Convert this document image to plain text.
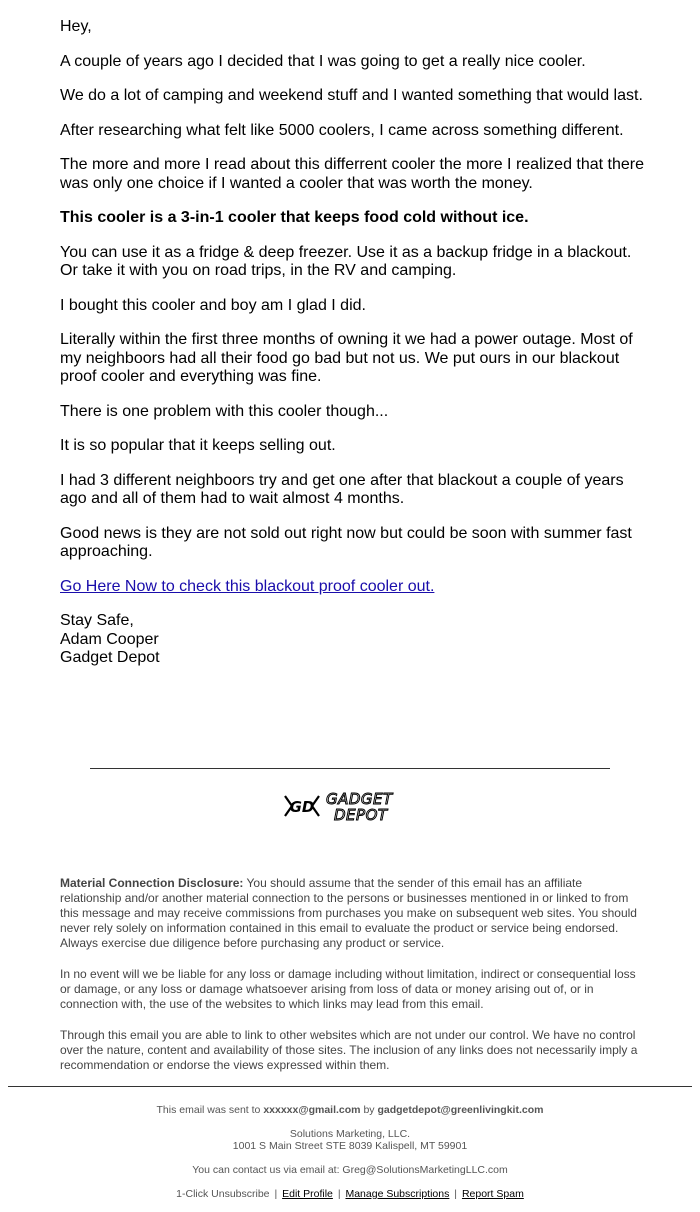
Hey,

A couple of years ago I decided that I was going to get a really nice cooler.

We do a lot of camping and weekend stuff and I wanted something that would last.

After researching what felt like 5000 coolers, I came across something different.

The more and more I read about this differrent cooler the more I realized that there was only one choice if I wanted a cooler that was worth the money.

This cooler is a 3-in-1 cooler that keeps food cold without ice.

You can use it as a fridge & deep freezer. Use it as a backup fridge in a blackout. Or take it with you on road trips, in the RV and camping.

I bought this cooler and boy am I glad I did.

Literally within the first three months of owning it we had a power outage. Most of my neighboors had all their food go bad but not us. We put ours in our blackout proof cooler and everything was fine.

There is one problem with this cooler though...

It is so popular that it keeps selling out.

I had 3 different neighboors try and get one after that blackout a couple of years ago and all of them had to wait almost 4 months.

Good news is they are not sold out right now but could be soon with summer fast approaching.

Go Here Now to check this blackout proof cooler out.

Stay Safe,
Adam Cooper
Gadget Depot

GD GADGET
DEPOT

Material Connection Disclosure: You should assume that the sender of this email has an affiliate relationship and/or another material connection to the persons or businesses mentioned in or linked to from this message and may receive commissions from purchases you make on subsequent web sites. You should never rely solely on information contained in this email to evaluate the product or service being endorsed. Always exercise due diligence before purchasing any product or service.

In no event will we be liable for any loss or damage including without limitation, indirect or consequential loss or damage, or any loss or damage whatsoever arising from loss of data or money arising out of, or in connection with, the use of the websites to which links may lead from this email.

Through this email you are able to link to other websites which are not under our control. We have no control over the nature, content and availability of those sites. The inclusion of any links does not necessarily imply a recommendation or endorse the views expressed within them.

This email was sent to xxxxxx@gmail.com by gadgetdepot@greenlivingkit.com

Solutions Marketing, LLC.
1001 S Main Street STE 8039 Kalispell, MT 59901

You can contact us via email at: Greg@SolutionsMarketingLLC.com

1-Click Unsubscribe | Edit Profile | Manage Subscriptions | Report Spam
